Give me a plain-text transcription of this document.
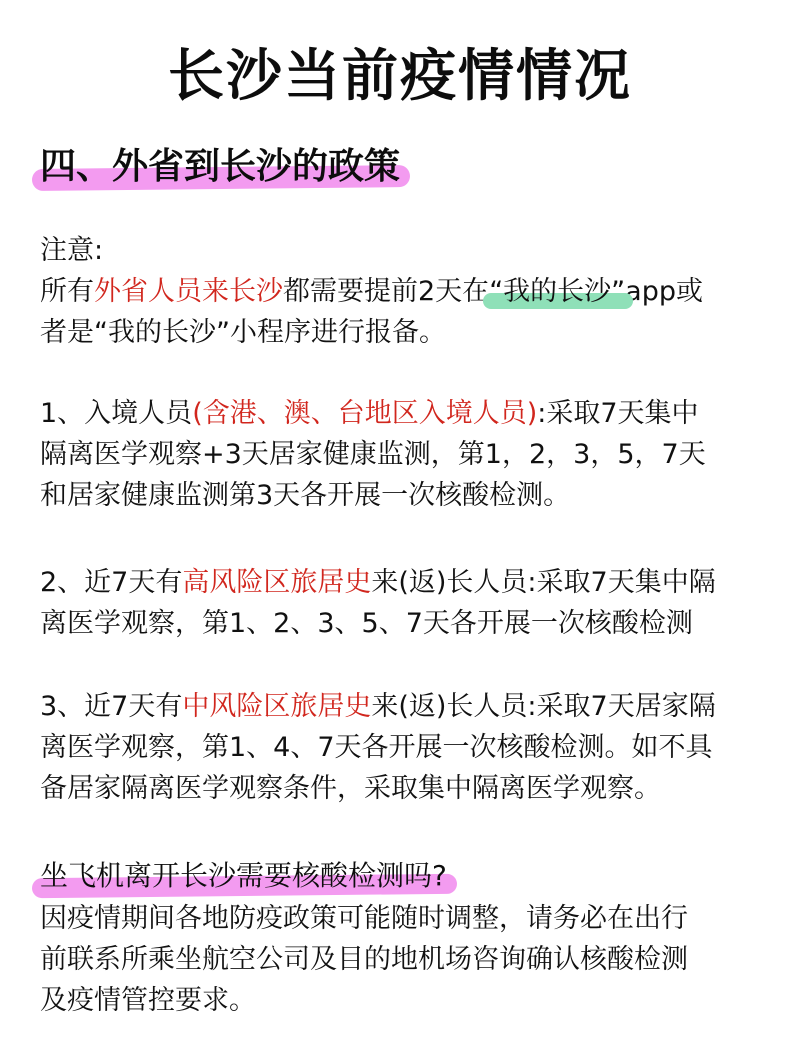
长沙当前疫情情况
四、外省到长沙的政策

注意:

所有外省人员来长沙都需要提前2天在“我的长沙”app或

者是“我的长沙”小程序进行报备。

1、入境人员(含港、澳、台地区入境人员):采取7天集中

隔离医学观察+3天居家健康监测，第1，2，3，5，7天

和居家健康监测第3天各开展一次核酸检测。

2、近7天有高风险区旅居史来(返)长人员:采取7天集中隔

离医学观察，第1、2、3、5、7天各开展一次核酸检测

3、近7天有中风险区旅居史来(返)长人员:采取7天居家隔

离医学观察，第1、4、7天各开展一次核酸检测。如不具

备居家隔离医学观察条件，采取集中隔离医学观察。

坐飞机离开长沙需要核酸检测吗?

因疫情期间各地防疫政策可能随时调整，请务必在出行

前联系所乘坐航空公司及目的地机场咨询确认核酸检测

及疫情管控要求。
